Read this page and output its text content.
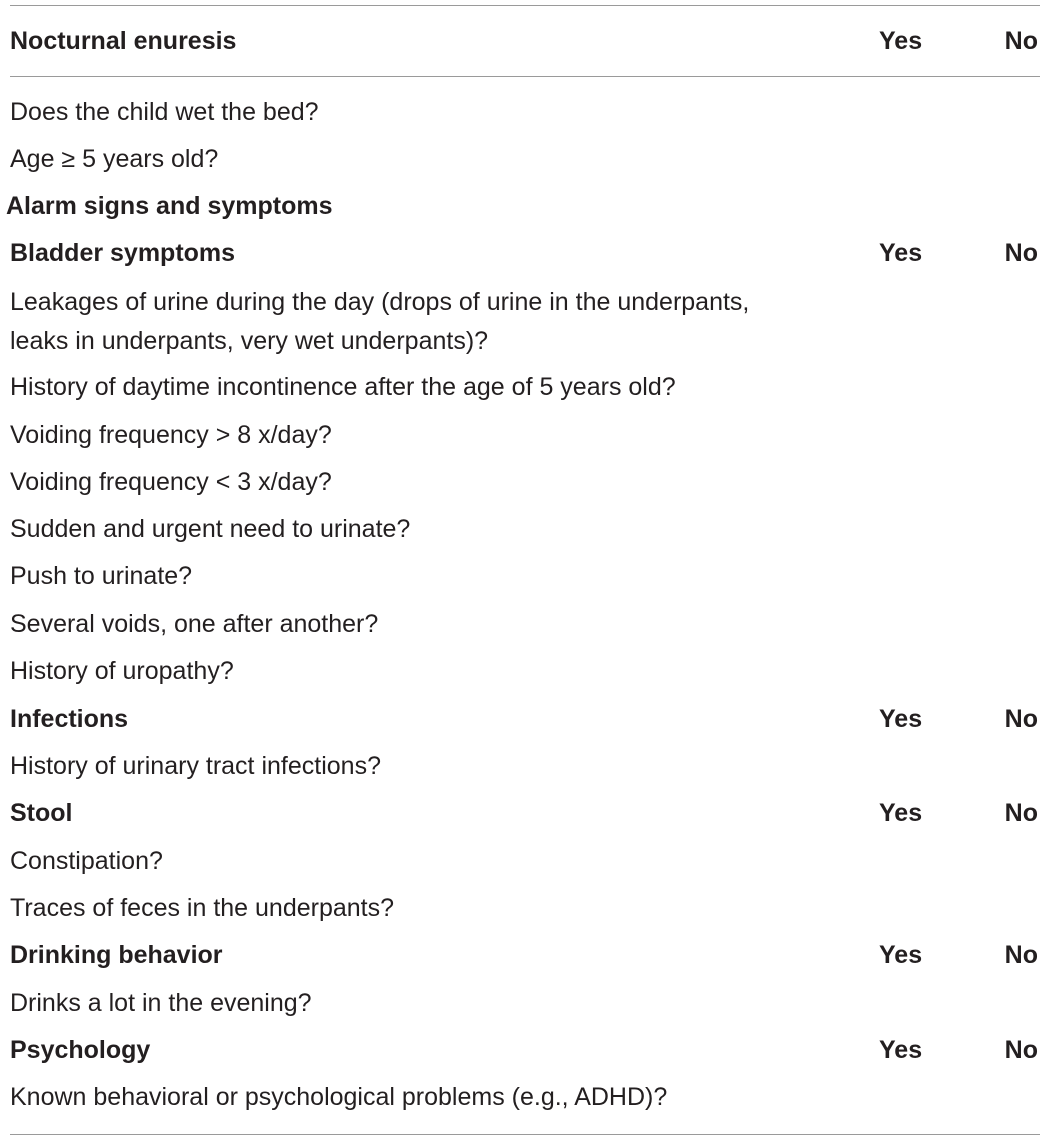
Nocturnal enuresis	Yes	No
Does the child wet the bed?
Age ≥ 5 years old?
Alarm signs and symptoms
Bladder symptoms	Yes	No
Leakages of urine during the day (drops of urine in the underpants, leaks in underpants, very wet underpants)?
History of daytime incontinence after the age of 5 years old?
Voiding frequency > 8 x/day?
Voiding frequency < 3 x/day?
Sudden and urgent need to urinate?
Push to urinate?
Several voids, one after another?
History of uropathy?
Infections	Yes	No
History of urinary tract infections?
Stool	Yes	No
Constipation?
Traces of feces in the underpants?
Drinking behavior	Yes	No
Drinks a lot in the evening?
Psychology	Yes	No
Known behavioral or psychological problems (e.g., ADHD)?
